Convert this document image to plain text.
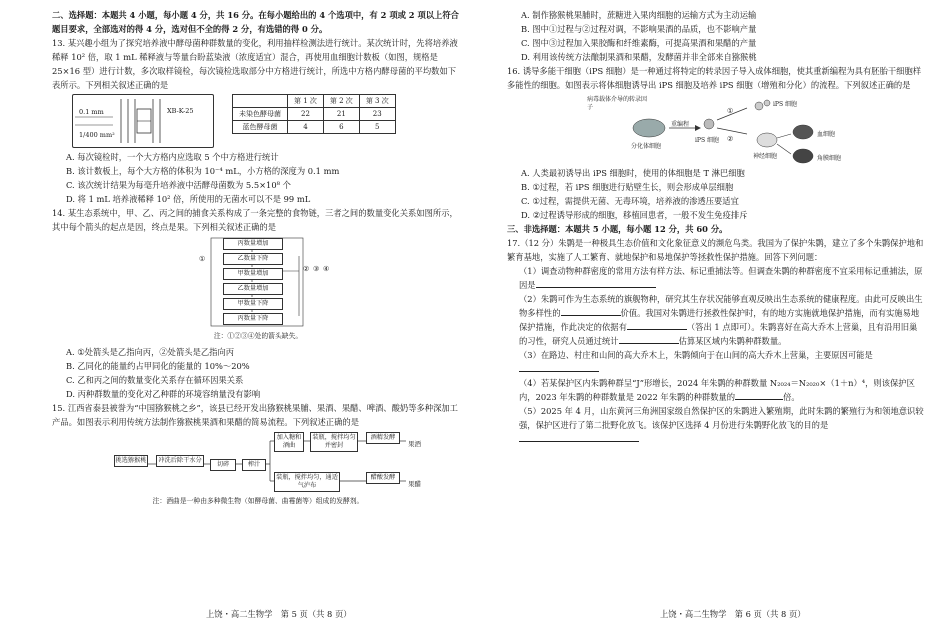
二、选择题：本题共 4 小题，每小题 4 分，共 16 分。在每小题给出的 4 个选项中，有 2 项或 2 项以上符合题目要求，全部选对的得 4 分，选对但不全的得 2 分，有选错的得 0 分。

13. 某兴趣小组为了探究培养液中酵母菌种群数量的变化，利用抽样检测法进行统计。某次统计时，先将培养液稀释 10² 倍，取 1 mL 稀释液与等量台盼蓝染液（浓度适宜）混合，再使用血细胞计数板（如图，规格是 25×16 型）进行计数，多次取样镜检，每次镜检选取部分中方格进行统计，所选中方格内酵母菌的平均数如下表所示。下列相关叙述正确的是

0.1 mm
1/400 mm²
XB-K-25
	第 1 次	第 2 次	第 3 次
未染色酵母菌	22	21	23
蓝色酵母菌	4	6	5

A. 每次镜检时，一个大方格内应选取 5 个中方格进行统计

B. 该计数板上，每个大方格的体积为 10⁻⁴ mL，小方格的深度为 0.1 mm

C. 该次统计结果为每毫升培养液中活酵母菌数为 5.5×10⁸ 个

D. 将 1 mL 培养液稀释 10² 倍，所使用的无菌水可以不是 99 mL

14. 某生态系统中，甲、乙、丙之间的捕食关系构成了一条完整的食物链，三者之间的数量变化关系如图所示，其中每个箭头的起点是因，终点是果。下列相关叙述正确的是

丙数量增加
乙数量下降
甲数量增加
乙数量增加
甲数量下降
丙数量下降
①
② ③ ④

注：①②③④处的箭头缺失。

A. ①处箭头是乙指向丙，②处箭头是乙指向丙

B. 乙同化的能量约占甲同化的能量的 10%～20%

C. 乙和丙之间的数量变化关系存在循环因果关系

D. 丙种群数量的变化对乙种群的环境容纳量没有影响

15. 江西省泰县被誉为“中国猕猴桃之乡”，该县已经开发出猕猴桃果脯、果酒、果醋、啤酒、酸奶等多种深加工产品。如图表示利用传统方法制作猕猴桃果酒和果醋的简易流程。下列叙述正确的是

挑选猕猴桃	冲洗后除干水分
切碎	榨汁
加入糖和酒曲
装瓶，搅拌均匀并密封
酒精发酵
果酒
装瓶，搅拌均匀，通适气泸布
醋酸发酵
果醋

注：酒曲是一种由多种微生物（如酵母菌、曲霉菌等）组成的发酵剂。

上饶・高二生物学　第 5 页（共 8 页）

A. 制作猕猴桃果脯时，蔗糖进入果肉细胞的运输方式为主动运输

B. 图中①过程与②过程对调，不影响果酒的品质，也不影响产量

C. 图中③过程加入果胶酶和纤维素酶，可提高果酒和果醋的产量

D. 利用该传统方法酿制果酒和果醋，发酵菌并非全部来自猕猴桃

16. 诱导多能干细胞（iPS 细胞）是一种通过将特定的转录因子导入成体细胞，使其重新编程为具有胚胎干细胞样多能性的细胞。如图表示将体细胞诱导出 iPS 细胞及培养 iPS 细胞（增殖和分化）的流程。下列叙述正确的是

病毒载体介导的转录因子
分化体细胞
重编程
iPS 细胞
①
②
iPS 细胞
神经细胞
血细胞
角膜细胞

A. 人类最初诱导出 iPS 细胞时，使用的体细胞是 T 淋巴细胞

B. ①过程，若 iPS 细胞进行贴壁生长，则会形成单层细胞

C. ①过程，需提供无菌、无毒环境，培养液的渗透压要适宜

D. ②过程诱导形成的细胞，移植回患者，一般不发生免疫排斥

三、非选择题：本题共 5 小题，每小题 12 分，共 60 分。

17.（12 分）朱鹮是一种极具生态价值和文化象征意义的濒危鸟类。我国为了保护朱鹮，建立了多个朱鹮保护地和繁育基地，实施了人工繁育、就地保护和易地保护等拯救性保护措施。回答下列问题：

（1）调查动物种群密度的常用方法有样方法、标记重捕法等。但调查朱鹮的种群密度不宜采用标记重捕法，原因是

（2）朱鹮可作为生态系统的旗舰物种，研究其生存状况能够直观反映出生态系统的健康程度。由此可反映出生物多样性的	价值。我国对朱鹮进行拯救性保护时，有的地方实施就地保护措施，而有实施易地保护措施，作此决定的依据有	（答出 1 点即可）。朱鹮喜好在高大乔木上营巢，且有沿用旧巢的习性，研究人员通过统计	估算某区域内朱鹮种群数量。

（3）在路边、村庄和山间的高大乔木上，朱鹮倾向于在山间的高大乔木上营巢，主要原因可能是

（4）若某保护区内朱鹮种群呈“J”形增长，2024 年朱鹮的种群数量 N₂₀₂₄＝N₂₀₂₀×（1＋n）⁴，则该保护区内，2023 年朱鹮的种群数量是 2022 年朱鹮的种群数量的	倍。

（5）2025 年 4 月，山东黄河三角洲国家级自然保护区的朱鹮进入繁殖期，此时朱鹮的繁殖行为和领地意识较强，保护区进行了第二批野化放飞。该保护区选择 4 月份进行朱鹮野化放飞的目的是

上饶・高二生物学　第 6 页（共 8 页）
